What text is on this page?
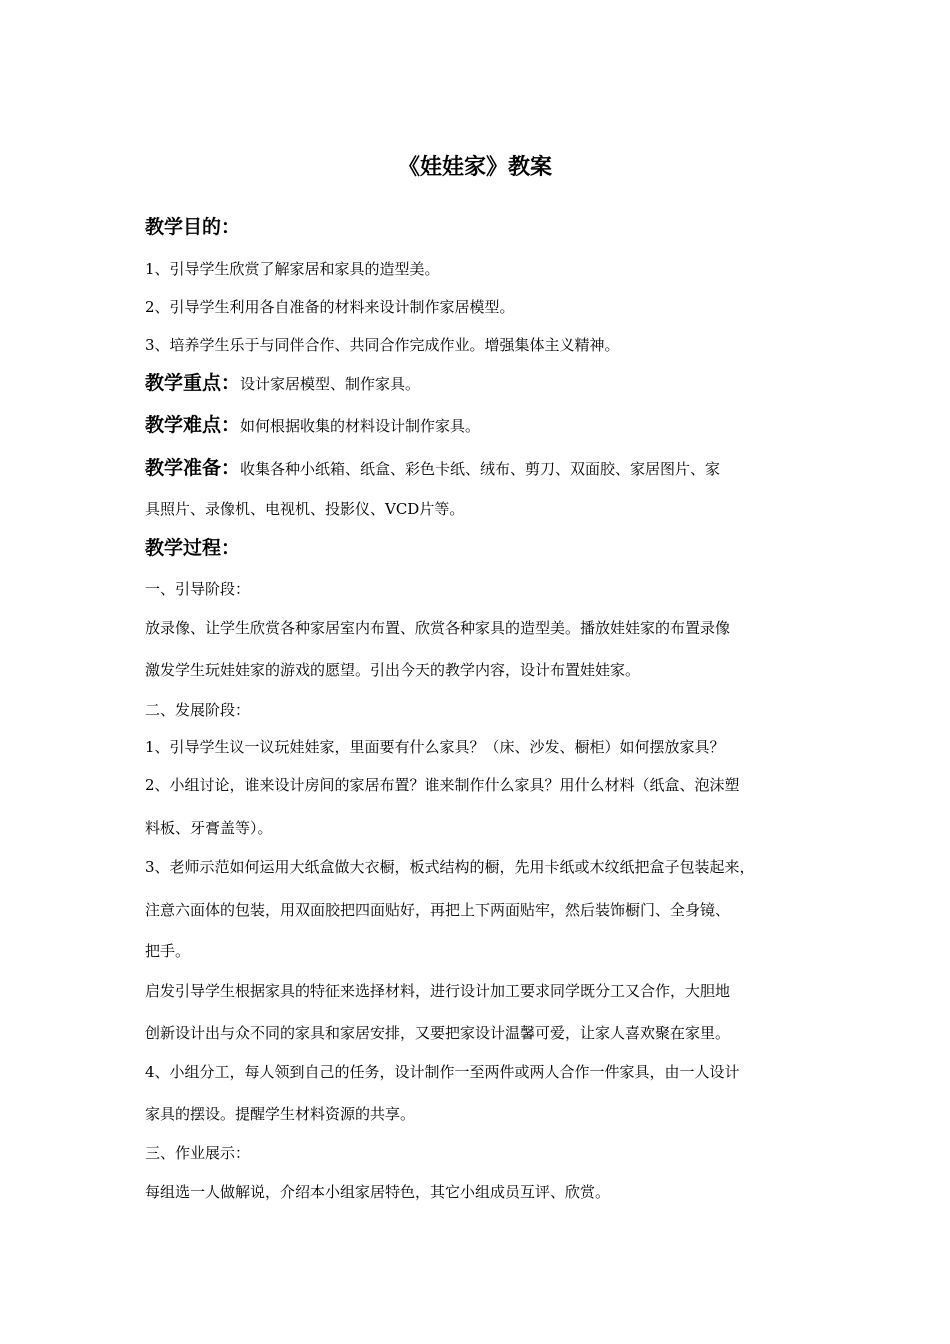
《娃娃家》教案
教学目的：
1、引导学生欣赏了解家居和家具的造型美。
2、引导学生利用各自准备的材料来设计制作家居模型。
3、培养学生乐于与同伴合作、共同合作完成作业。增强集体主义精神。
教学重点：设计家居模型、制作家具。
教学难点：如何根据收集的材料设计制作家具。
教学准备：收集各种小纸箱、纸盒、彩色卡纸、绒布、剪刀、双面胶、家居图片、家
具照片、录像机、电视机、投影仪、VCD片等。
教学过程：
一、引导阶段：
放录像、让学生欣赏各种家居室内布置、欣赏各种家具的造型美。播放娃娃家的布置录像
激发学生玩娃娃家的游戏的愿望。引出今天的教学内容，设计布置娃娃家。
二、发展阶段：
1、引导学生议一议玩娃娃家，里面要有什么家具？（床、沙发、橱柜）如何摆放家具？
2、小组讨论，谁来设计房间的家居布置？谁来制作什么家具？用什么材料（纸盒、泡沫塑
料板、牙膏盖等）。
3、老师示范如何运用大纸盒做大衣橱，板式结构的橱，先用卡纸或木纹纸把盒子包装起来，
注意六面体的包装，用双面胶把四面贴好，再把上下两面贴牢，然后装饰橱门、全身镜、
把手。
启发引导学生根据家具的特征来选择材料，进行设计加工要求同学既分工又合作，大胆地
创新设计出与众不同的家具和家居安排，又要把家设计温馨可爱，让家人喜欢聚在家里。
4、小组分工，每人领到自己的任务，设计制作一至两件或两人合作一件家具，由一人设计
家具的摆设。提醒学生材料资源的共享。
三、作业展示：
每组选一人做解说，介绍本小组家居特色，其它小组成员互评、欣赏。
